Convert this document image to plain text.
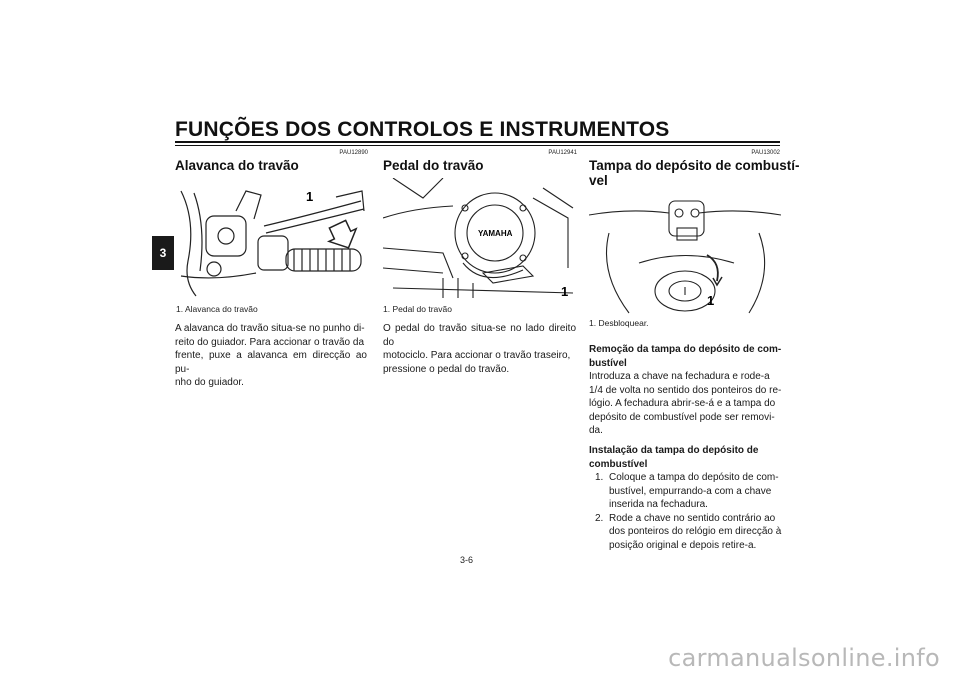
FUNÇÕES DOS CONTROLOS E INSTRUMENTOS
3
PAU12890
Alavanca do travão
1
1. Alavanca do travão
A alavanca do travão situa-se no punho di-
reito do guiador. Para accionar o travão da
frente, puxe a alavanca em direcção ao pu-
nho do guiador.
PAU12941
Pedal do travão
YAMAHA
1
1. Pedal do travão
O pedal do travão situa-se no lado direito do
motociclo. Para accionar o travão traseiro,
pressione o pedal do travão.
PAU13002
Tampa do depósito de combustí-
vel
1
1. Desbloquear.
Remoção da tampa do depósito de com-
bustível
Introduza a chave na fechadura e rode-a
1/4 de volta no sentido dos ponteiros do re-
lógio. A fechadura abrir-se-á e a tampa do
depósito de combustível pode ser removi-
da.
Instalação da tampa do depósito de
combustível
1. Coloque a tampa do depósito de com-
bustível, empurrando-a com a chave
inserida na fechadura.
2. Rode a chave no sentido contrário ao
dos ponteiros do relógio em direcção à
posição original e depois retire-a.
3-6
carmanualsonline.info
